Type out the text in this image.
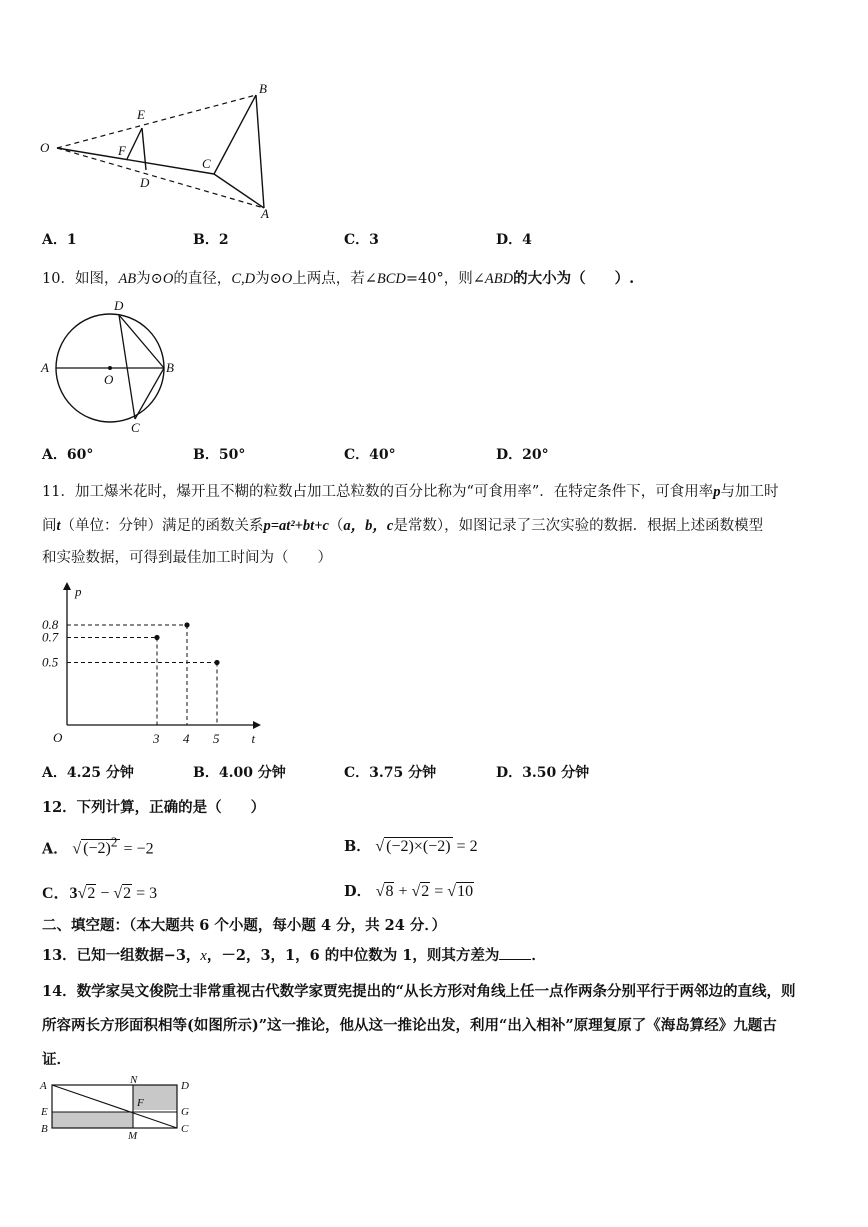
O
E
F
D
C
B
A
A．1	B．2	C．3	D．4
10．如图，AB为⊙O的直径，C,D为⊙O上两点，若∠BCD=40°，则∠ABD的大小为（　　）.
D
A
O
B
C
A．60°	B．50°	C．40°	D．20°
11．加工爆米花时，爆开且不糊的粒数占加工总粒数的百分比称为“可食用率”．在特定条件下，可食用率p与加工时
间t（单位：分钟）满足的函数关系p=at²+bt+c（a，b，c是常数），如图记录了三次实验的数据．根据上述函数模型
和实验数据，可得到最佳加工时间为（　　）
O	t
p
3 4 5
0.8
0.7
0.5
A．4.25 分钟	B．4.00 分钟	C．3.75 分钟	D．3.50 分钟
12．下列计算，正确的是（　　）
A． √ $(-2)^2 = -2$	B． √ (−2)×(−2) = 2
C．3√2 − √2 = 3	D． √8 + √2 = √10
二、填空题：（本大题共 6 个小题，每小题 4 分，共 24 分．）
13．已知一组数据−3，x，－2，3，1，6 的中位数为 1，则其方差为 ．
14．数学家吴文俊院士非常重视古代数学家贾宪提出的“从长方形对角线上任一点作两条分别平行于两邻边的直线，则
所容两长方形面积相等(如图所示)”这一推论，他从这一推论出发，利用“出入相补”原理复原了《海岛算经》九题古
证．
A	N	D
E
F
G
B
M
C
